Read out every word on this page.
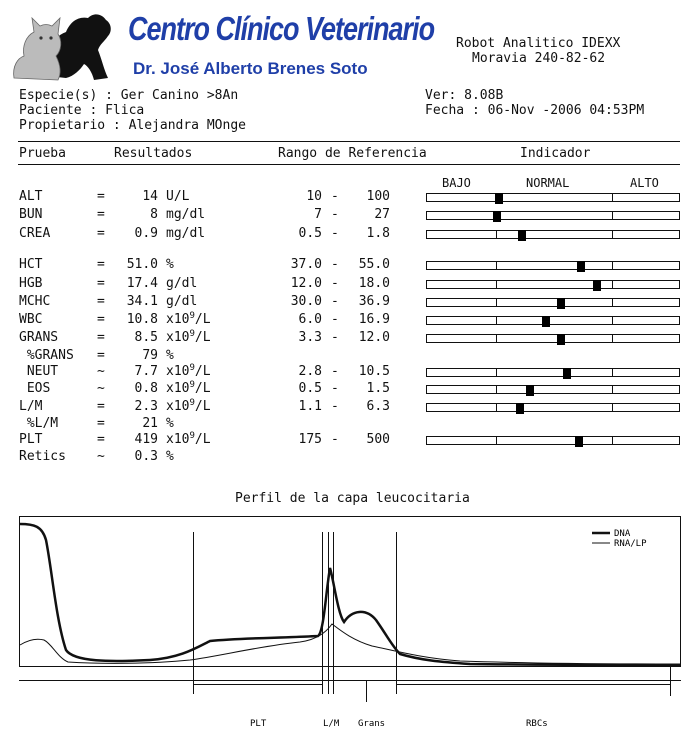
Centro Clínico Veterinario
Dr. José Alberto Brenes Soto
Robot Analitico IDEXX
Moravia 240-82-62
Especie(s) : Ger Canino >8An
Paciente : Flica
Propietario : Alejandra MOnge
Ver: 8.08B
Fecha : 06-Nov -2006 04:53PM
Prueba	Resultados	Rango de Referencia	Indicador
BAJO	NORMAL	ALTO
ALT	=	14 U/L	10 -	100
BUN	=	8 mg/dl	7 -	27
CREA	=	0.9 mg/dl	0.5 -	1.8
HCT	=	51.0 %	37.0 -	55.0
HGB	=	17.4 g/dl	12.0 -	18.0
MCHC	=	34.1 g/dl	30.0 -	36.9
WBC	=	10.8 $x10^9/L$	6.0 -	16.9
GRANS	=	8.5 $x10^9/L$	3.3 -	12.0
%GRANS =	79 %
NEUT	~	7.7 $x10^9/L$	2.8 -	10.5
EOS	~	0.8 $x10^9/L$	0.5 -	1.5
L/M	=	2.3 $x10^9/L$	1.1 -	6.3
%L/M	=	21 %
PLT	=	419 $x10^9/L$	175 -	500
Retics ~	0.3 %
Perfil de la capa leucocitaria
DNA
RNA/LP
PLT	L/M Grans	RBCs
